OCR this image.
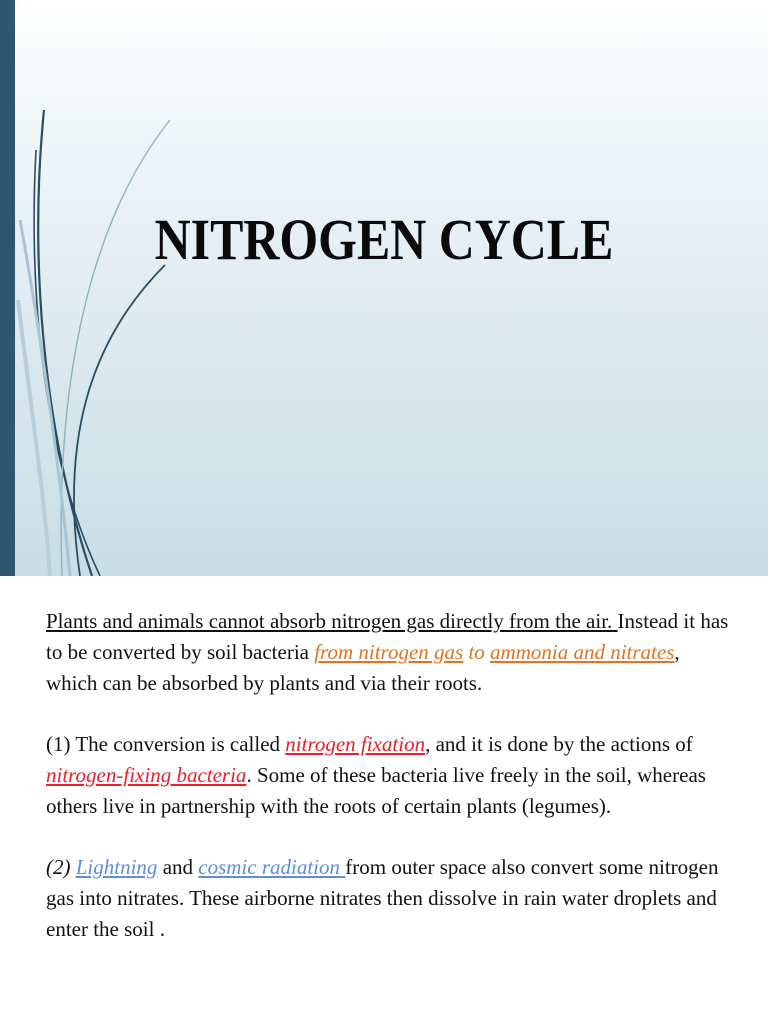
NITROGEN CYCLE

Plants and animals cannot absorb nitrogen gas directly from the air. Instead it has to be converted by soil bacteria from nitrogen gas to ammonia and nitrates, which can be absorbed by plants and via their roots.

(1) The conversion is called nitrogen fixation, and it is done by the actions of nitrogen-fixing bacteria. Some of these bacteria live freely in the soil, whereas others live in partnership with the roots of certain plants (legumes).

(2) Lightning and cosmic radiation from outer space also convert some nitrogen gas into nitrates. These airborne nitrates then dissolve in rain water droplets and enter the soil .
